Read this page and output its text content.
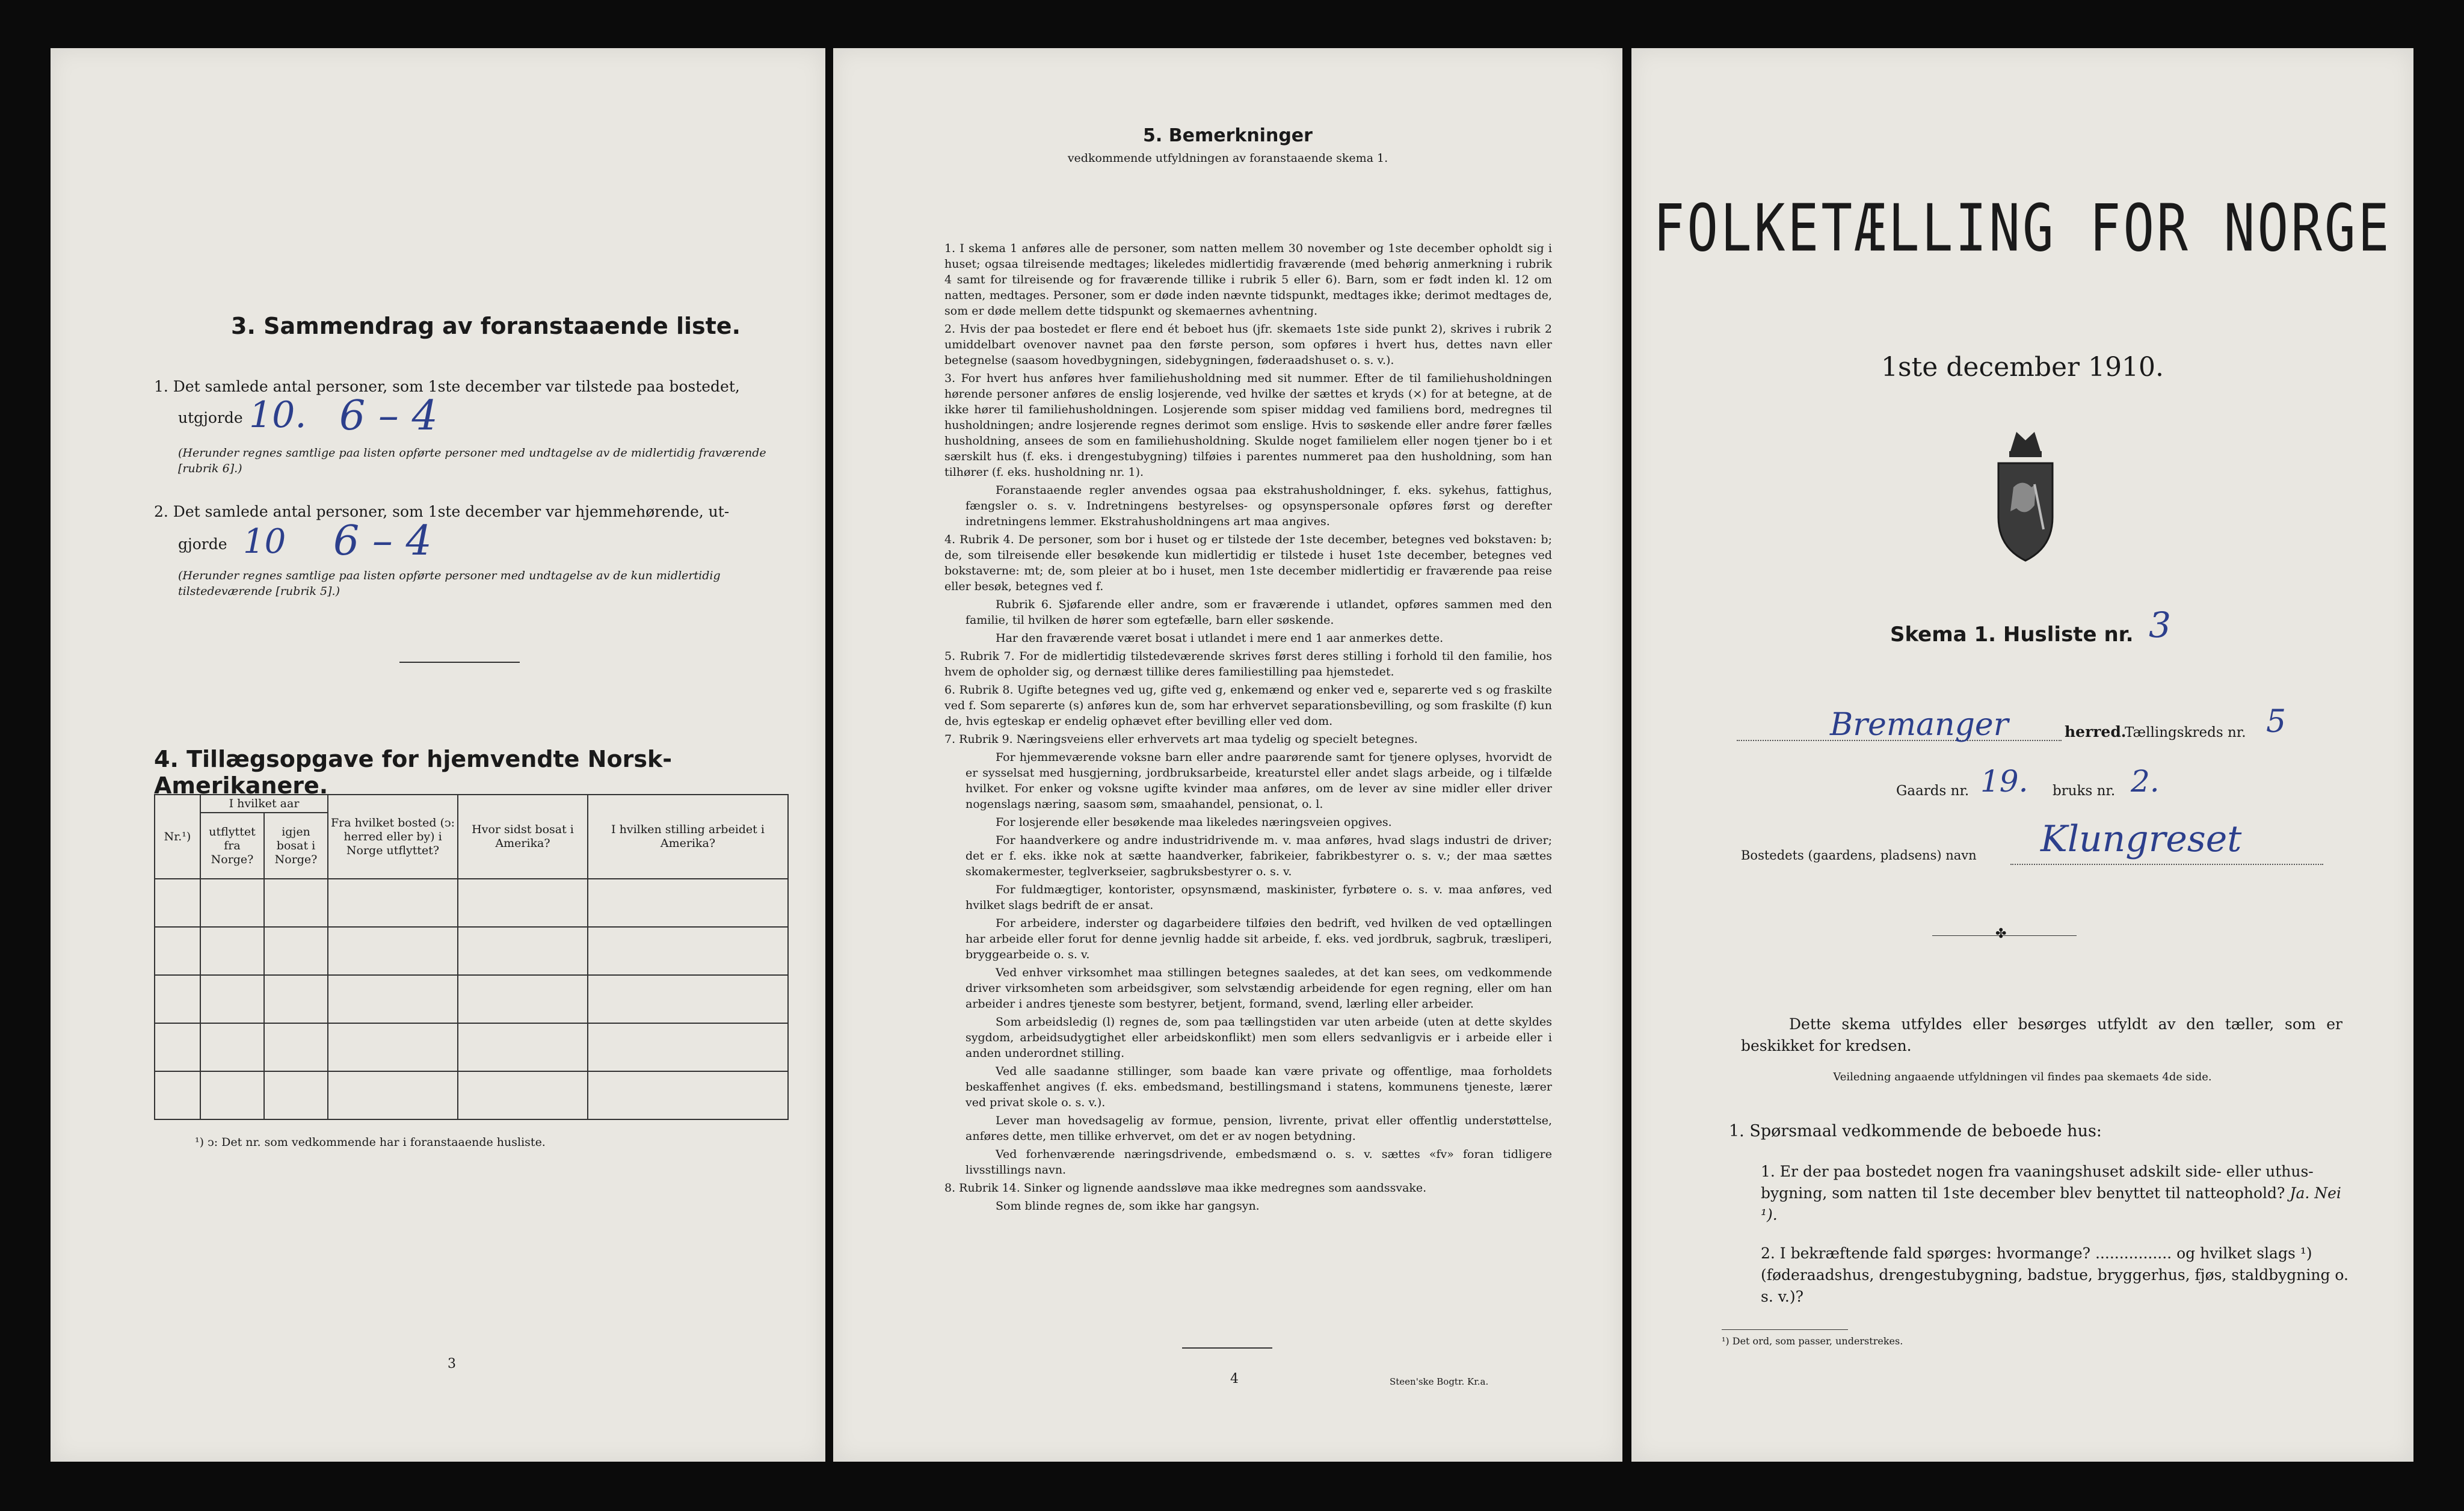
3. Sammendrag av foranstaaende liste.
1. Det samlede antal personer, som 1ste december var tilstede paa bostedet,
utgjorde 10. 6 – 4
(Herunder regnes samtlige paa listen opførte personer med undtagelse av de midlertidig fraværende [rubrik 6].)
2. Det samlede antal personer, som 1ste december var hjemmehørende, ut-
gjorde 10 6 – 4
(Herunder regnes samtlige paa listen opførte personer med undtagelse av de kun midlertidig tilstedeværende [rubrik 5].)
4. Tillægsopgave for hjemvendte Norsk-Amerikanere.
Nr.¹)	I hvilket aar		Fra hvilket bosted (ↄ: herred eller by) i Norge utflyttet?	Hvor sidst bosat i Amerika?	I hvilken stilling arbeidet i Amerika?
	utflyttet fra Norge?	igjen bosat i Norge?			

¹) ↄ: Det nr. som vedkommende har i foranstaaende husliste.
3
5. Bemerkninger
vedkommende utfyldningen av foranstaaende skema 1.
1. I skema 1 anføres alle de personer, som natten mellem 30 november og 1ste december opholdt sig i huset; ogsaa tilreisende medtages; likeledes midlertidig fraværende (med behørig anmerkning i rubrik 4 samt for tilreisende og for fraværende tillike i rubrik 5 eller 6). Barn, som er født inden kl. 12 om natten, medtages. Personer, som er døde inden nævnte tidspunkt, medtages ikke; derimot medtages de, som er døde mellem dette tidspunkt og skemaernes avhentning.
2. Hvis der paa bostedet er flere end ét beboet hus (jfr. skemaets 1ste side punkt 2), skrives i rubrik 2 umiddelbart ovenover navnet paa den første person, som opføres i hvert hus, dettes navn eller betegnelse (saasom hovedbygningen, sidebygningen, føderaadshuset o. s. v.).
3. For hvert hus anføres hver familiehusholdning med sit nummer. Efter de til familiehusholdningen hørende personer anføres de enslig losjerende, ved hvilke der sættes et kryds (×) for at betegne, at de ikke hører til familiehusholdningen. Losjerende som spiser middag ved familiens bord, medregnes til husholdningen; andre losjerende regnes derimot som enslige. Hvis to søskende eller andre fører fælles husholdning, ansees de som en familiehusholdning. Skulde noget familielem eller nogen tjener bo i et særskilt hus (f. eks. i drengestubygning) tilføies i parentes nummeret paa den husholdning, som han tilhører (f. eks. husholdning nr. 1).
Foranstaaende regler anvendes ogsaa paa ekstrahusholdninger, f. eks. sykehus, fattighus, fængsler o. s. v. Indretningens bestyrelses- og opsynspersonale opføres først og derefter indretningens lemmer. Ekstrahusholdningens art maa angives.
4. Rubrik 4. De personer, som bor i huset og er tilstede der 1ste december, betegnes ved bokstaven: b; de, som tilreisende eller besøkende kun midlertidig er tilstede i huset 1ste december, betegnes ved bokstaverne: mt; de, som pleier at bo i huset, men 1ste december midlertidig er fraværende paa reise eller besøk, betegnes ved f.
Rubrik 6. Sjøfarende eller andre, som er fraværende i utlandet, opføres sammen med den familie, til hvilken de hører som egtefælle, barn eller søskende.
Har den fraværende været bosat i utlandet i mere end 1 aar anmerkes dette.
5. Rubrik 7. For de midlertidig tilstedeværende skrives først deres stilling i forhold til den familie, hos hvem de opholder sig, og dernæst tillike deres familiestilling paa hjemstedet.
6. Rubrik 8. Ugifte betegnes ved ug, gifte ved g, enkemænd og enker ved e, separerte ved s og fraskilte ved f. Som separerte (s) anføres kun de, som har erhvervet separationsbevilling, og som fraskilte (f) kun de, hvis egteskap er endelig ophævet efter bevilling eller ved dom.
7. Rubrik 9. Næringsveiens eller erhvervets art maa tydelig og specielt betegnes.
For hjemmeværende voksne barn eller andre paarørende samt for tjenere oplyses, hvorvidt de er sysselsat med husgjerning, jordbruksarbeide, kreaturstel eller andet slags arbeide, og i tilfælde hvilket. For enker og voksne ugifte kvinder maa anføres, om de lever av sine midler eller driver nogenslags næring, saasom søm, smaahandel, pensionat, o. l.
For losjerende eller besøkende maa likeledes næringsveien opgives.
For haandverkere og andre industridrivende m. v. maa anføres, hvad slags industri de driver; det er f. eks. ikke nok at sætte haandverker, fabrikeier, fabrikbestyrer o. s. v.; der maa sættes skomakermester, teglverkseier, sagbruksbestyrer o. s. v.
For fuldmægtiger, kontorister, opsynsmænd, maskinister, fyrbøtere o. s. v. maa anføres, ved hvilket slags bedrift de er ansat.
For arbeidere, inderster og dagarbeidere tilføies den bedrift, ved hvilken de ved optællingen har arbeide eller forut for denne jevnlig hadde sit arbeide, f. eks. ved jordbruk, sagbruk, træsliperi, bryggearbeide o. s. v.
Ved enhver virksomhet maa stillingen betegnes saaledes, at det kan sees, om vedkommende driver virksomheten som arbeidsgiver, som selvstændig arbeidende for egen regning, eller om han arbeider i andres tjeneste som bestyrer, betjent, formand, svend, lærling eller arbeider.
Som arbeidsledig (l) regnes de, som paa tællingstiden var uten arbeide (uten at dette skyldes sygdom, arbeidsudygtighet eller arbeidskonflikt) men som ellers sedvanligvis er i arbeide eller i anden underordnet stilling.
Ved alle saadanne stillinger, som baade kan være private og offentlige, maa forholdets beskaffenhet angives (f. eks. embedsmand, bestillingsmand i statens, kommunens tjeneste, lærer ved privat skole o. s. v.).
Lever man hovedsagelig av formue, pension, livrente, privat eller offentlig understøttelse, anføres dette, men tillike erhvervet, om det er av nogen betydning.
Ved forhenværende næringsdrivende, embedsmænd o. s. v. sættes «fv» foran tidligere livsstillings navn.
8. Rubrik 14. Sinker og lignende aandssløve maa ikke medregnes som aandssvake.
Som blinde regnes de, som ikke har gangsyn.
4	Steen'ske Bogtr. Kr.a.
FOLKETÆLLING FOR NORGE
1ste december 1910.
Skema 1. Husliste nr. 3
Bremanger	herred.
Tællingskreds nr. 5
Gaards nr. 19. bruks nr. 2.
Bostedets (gaardens, pladsens) navn Klungreset
✤
Dette skema utfyldes eller besørges utfyldt av den tæller, som er beskikket for kredsen.
Veiledning angaaende utfyldningen vil findes paa skemaets 4de side.
1. Spørsmaal vedkommende de beboede hus:
1. Er der paa bostedet nogen fra vaaningshuset adskilt side- eller uthus-bygning, som natten til 1ste december blev benyttet til natteophold? Ja. Nei ¹).
2. I bekræftende fald spørges: hvormange? ................ og hvilket slags ¹) (føderaadshus, drengestubygning, badstue, bryggerhus, fjøs, staldbygning o. s. v.)?
¹) Det ord, som passer, understrekes.
